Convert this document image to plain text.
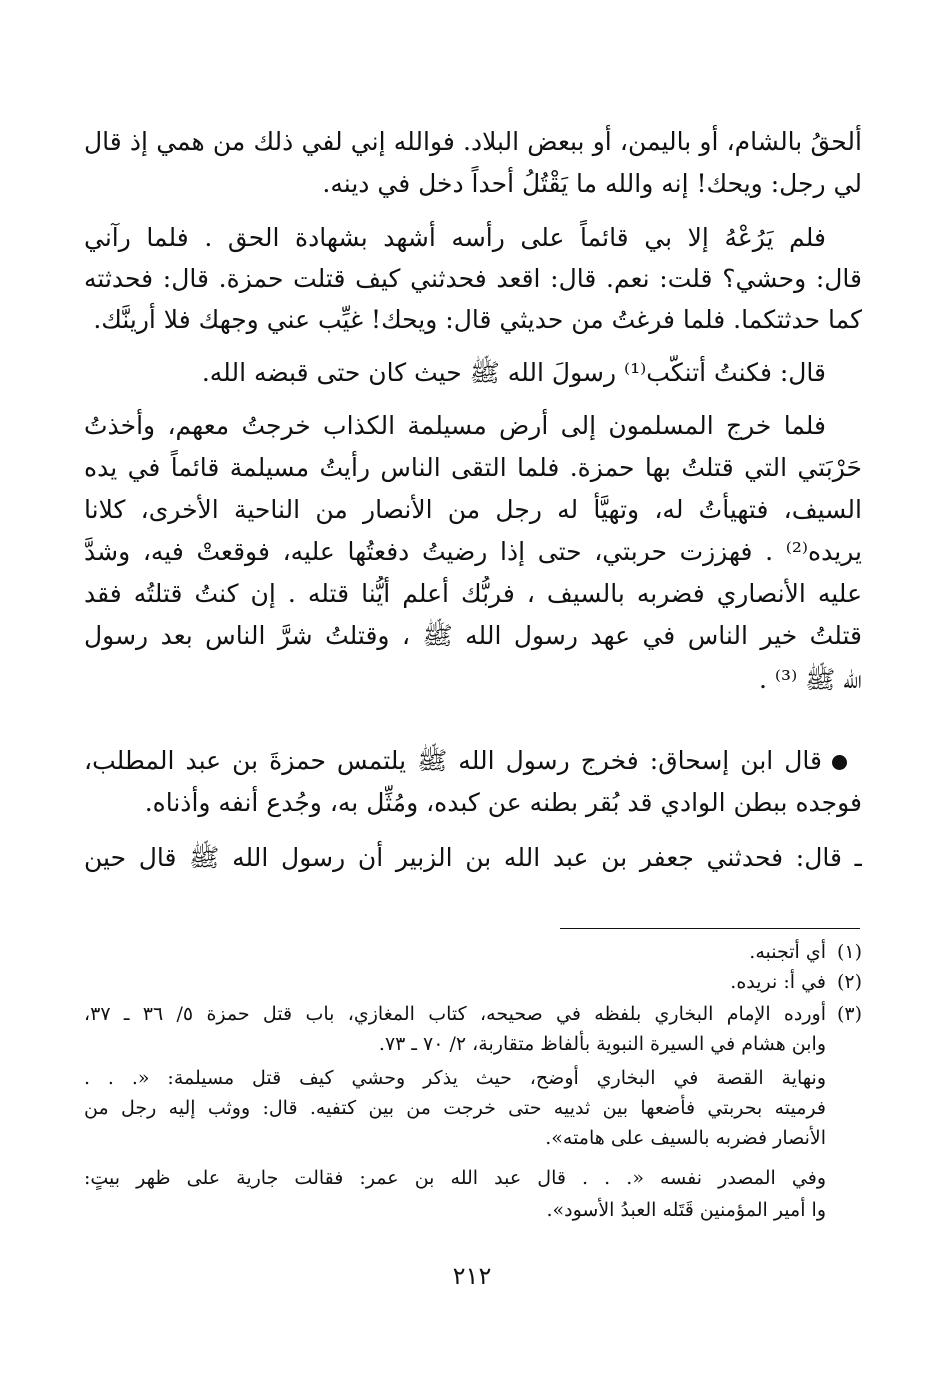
ألحقُ بالشام، أو باليمن، أو ببعض البلاد. فوالله إني لفي ذلك من همي إذ قال
لي رجل: ويحك! إنه والله ما يَقْتُلُ أحداً دخل في دينه.
فلم يَرُعْهُ إلا بي قائماً على رأسه أشهد بشهادة الحق . فلما رآني
قال: وحشي؟ قلت: نعم. قال: اقعد فحدثني كيف قتلت حمزة. قال: فحدثته
كما حدثتكما. فلما فرغتُ من حديثي قال: ويحك! غيِّب عني وجهك فلا أرينَّك.
قال: فكنتُ أتنكَّب⁽¹⁾ رسولَ الله ﷺ حيث كان حتى قبضه الله.
فلما خرج المسلمون إلى أرض مسيلمة الكذاب خرجتُ معهم، وأخذتُ
حَرْبَتي التي قتلتُ بها حمزة. فلما التقى الناس رأيتُ مسيلمة قائماً في يده
السيف، فتهيأتُ له، وتهيَّأ له رجل من الأنصار من الناحية الأخرى، كلانا
يريده⁽²⁾ . فهززت حربتي، حتى إذا رضيتُ دفعتُها عليه، فوقعتْ فيه، وشدَّ
عليه الأنصاري فضربه بالسيف ، فربُّك أعلم أيُّنا قتله . إن كنتُ قتلتُه فقد
قتلتُ خير الناس في عهد رسول الله ﷺ ، وقتلتُ شرَّ الناس بعد رسول
الله ﷺ ⁽³⁾ .
قال ابن إسحاق: فخرج رسول الله ﷺ يلتمس حمزةَ بن عبد المطلب،
فوجده ببطن الوادي قد بُقر بطنه عن كبده، ومُثِّل به، وجُدع أنفه وأذناه.
ـ قال: فحدثني جعفر بن عبد الله بن الزبير أن رسول الله ﷺ قال حين
(١)
أي أتجنبه.
(٢)
في أ: نريده.
(٣)
أورده الإمام البخاري بلفظه في صحيحه، كتاب المغازي، باب قتل حمزة ٥/ ٣٦ ـ ٣٧،
وابن هشام في السيرة النبوية بألفاظ متقاربة، ٢/ ٧٠ ـ ٧٣.
ونهاية القصة في البخاري أوضح، حيث يذكر وحشي كيف قتل مسيلمة: «. . .
فرميته بحربتي فأضعها بين ثدييه حتى خرجت من بين كتفيه. قال: ووثب إليه رجل من
الأنصار فضربه بالسيف على هامته».
وفي المصدر نفسه «. . . قال عبد الله بن عمر: فقالت جارية على ظهر بيتٍ:
وا أمير المؤمنين قَتَله العبدُ الأسود».
٢١٢
